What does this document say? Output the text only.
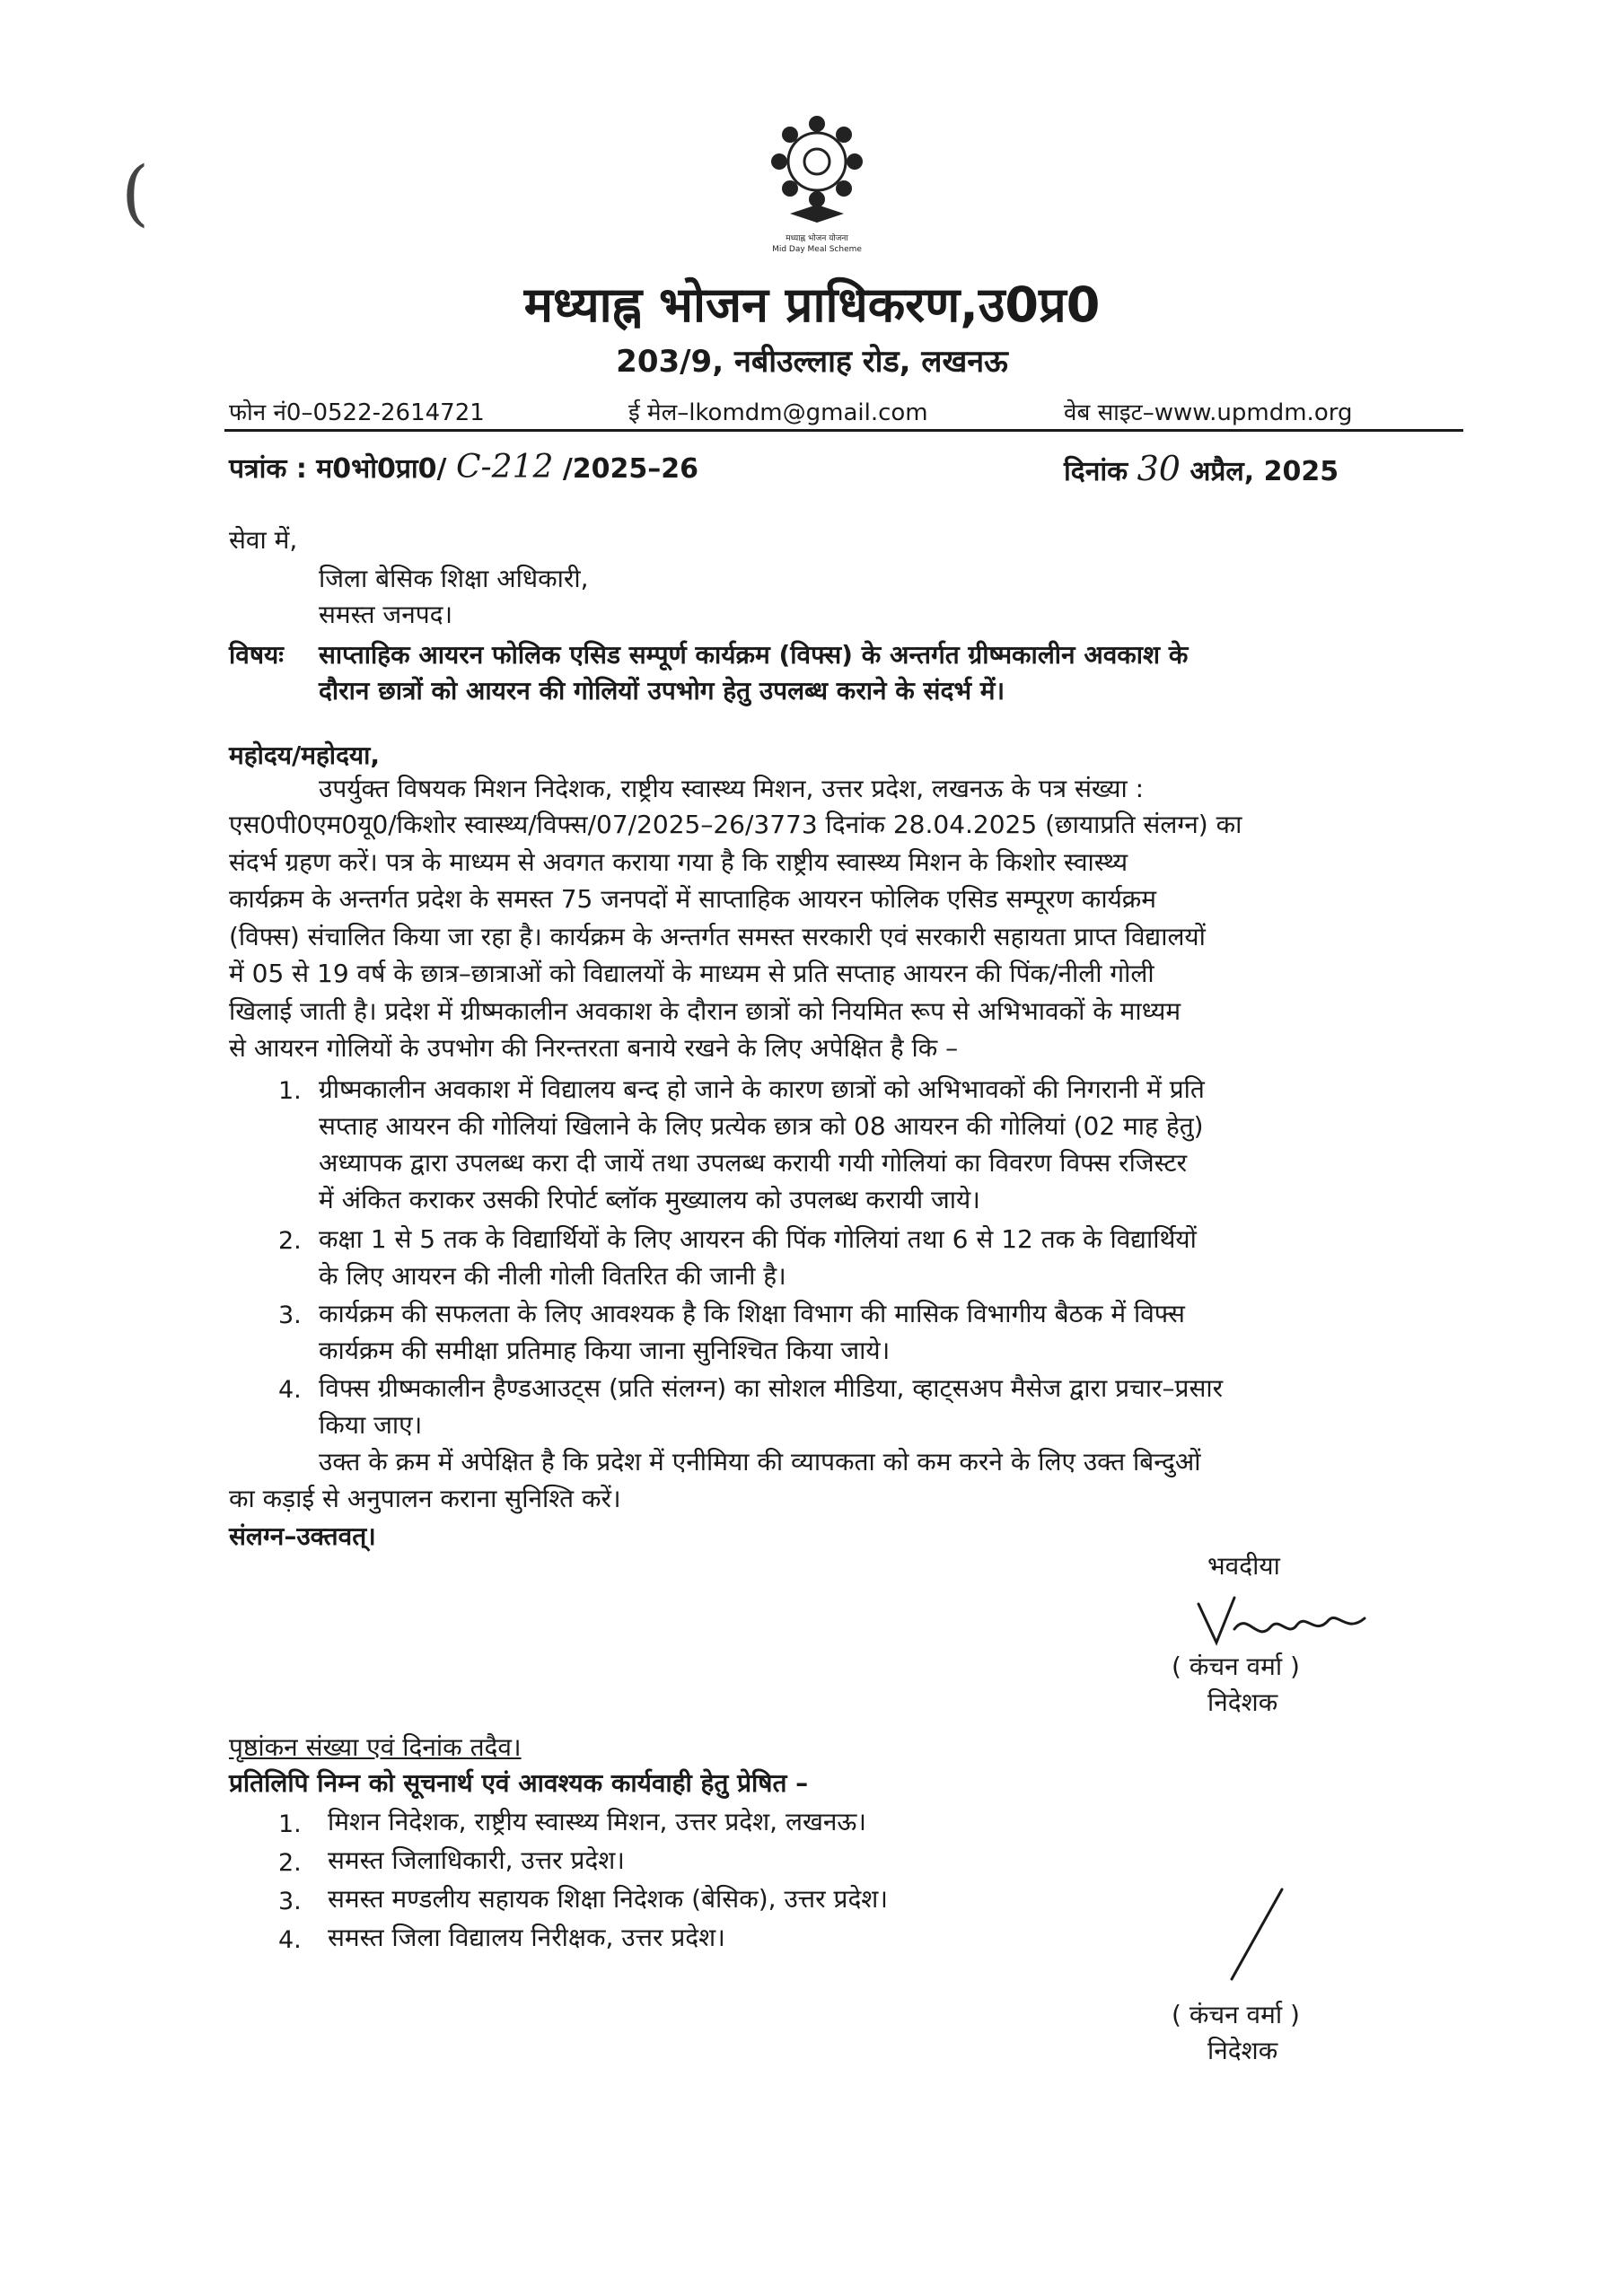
(
मध्याह्न भोजन योजना
Mid Day Meal Scheme
मध्याह्न भोजन प्राधिकरण,उ0प्र0
203/9, नबीउल्लाह रोड, लखनऊ
फोन नं0–0522-2614721	ई मेल–lkomdm@gmail.com	वेब साइट–www.upmdm.org
पत्रांक : म0भो0प्रा0/ C-212 /2025–26	दिनांक 30 अप्रैल, 2025
सेवा में,
जिला बेसिक शिक्षा अधिकारी,
समस्त जनपद।
विषयः साप्ताहिक आयरन फोलिक एसिड सम्पूर्ण कार्यक्रम (विफ्स) के अन्तर्गत ग्रीष्मकालीन अवकाश के
दौरान छात्रों को आयरन की गोलियों उपभोग हेतु उपलब्ध कराने के संदर्भ में।
महोदय/महोदया,
उपर्युक्त विषयक मिशन निदेशक, राष्ट्रीय स्वास्थ्य मिशन, उत्तर प्रदेश, लखनऊ के पत्र संख्या :
एस0पी0एम0यू0/किशोर स्वास्थ्य/विफ्स/07/2025–26/3773 दिनांक 28.04.2025 (छायाप्रति संलग्न) का
संदर्भ ग्रहण करें। पत्र के माध्यम से अवगत कराया गया है कि राष्ट्रीय स्वास्थ्य मिशन के किशोर स्वास्थ्य
कार्यक्रम के अन्तर्गत प्रदेश के समस्त 75 जनपदों में साप्ताहिक आयरन फोलिक एसिड सम्पूरण कार्यक्रम
(विफ्स) संचालित किया जा रहा है। कार्यक्रम के अन्तर्गत समस्त सरकारी एवं सरकारी सहायता प्राप्त विद्यालयों
में 05 से 19 वर्ष के छात्र–छात्राओं को विद्यालयों के माध्यम से प्रति सप्ताह आयरन की पिंक/नीली गोली
खिलाई जाती है। प्रदेश में ग्रीष्मकालीन अवकाश के दौरान छात्रों को नियमित रूप से अभिभावकों के माध्यम
से आयरन गोलियों के उपभोग की निरन्तरता बनाये रखने के लिए अपेक्षित है कि –
1. ग्रीष्मकालीन अवकाश में विद्यालय बन्द हो जाने के कारण छात्रों को अभिभावकों की निगरानी में प्रति
सप्ताह आयरन की गोलियां खिलाने के लिए प्रत्येक छात्र को 08 आयरन की गोलियां (02 माह हेतु)
अध्यापक द्वारा उपलब्ध करा दी जायें तथा उपलब्ध करायी गयी गोलियां का विवरण विफ्स रजिस्टर
में अंकित कराकर उसकी रिपोर्ट ब्लॉक मुख्यालय को उपलब्ध करायी जाये।
2. कक्षा 1 से 5 तक के विद्यार्थियों के लिए आयरन की पिंक गोलियां तथा 6 से 12 तक के विद्यार्थियों
के लिए आयरन की नीली गोली वितरित की जानी है।
3. कार्यक्रम की सफलता के लिए आवश्यक है कि शिक्षा विभाग की मासिक विभागीय बैठक में विफ्स
कार्यक्रम की समीक्षा प्रतिमाह किया जाना सुनिश्चित किया जाये।
4. विफ्स ग्रीष्मकालीन हैण्डआउट्स (प्रति संलग्न) का सोशल मीडिया, व्हाट्सअप मैसेज द्वारा प्रचार–प्रसार
किया जाए।
उक्त के क्रम में अपेक्षित है कि प्रदेश में एनीमिया की व्यापकता को कम करने के लिए उक्त बिन्दुओं
का कड़ाई से अनुपालन कराना सुनिश्ति करें।
संलग्न–उक्तवत्।
भवदीया
( कंचन वर्मा )
निदेशक
पृष्ठांकन संख्या एवं दिनांक तदैव।
प्रतिलिपि निम्न को सूचनार्थ एवं आवश्यक कार्यवाही हेतु प्रेषित –
1. मिशन निदेशक, राष्ट्रीय स्वास्थ्य मिशन, उत्तर प्रदेश, लखनऊ।
2. समस्त जिलाधिकारी, उत्तर प्रदेश।
3. समस्त मण्डलीय सहायक शिक्षा निदेशक (बेसिक), उत्तर प्रदेश।
4. समस्त जिला विद्यालय निरीक्षक, उत्तर प्रदेश।
( कंचन वर्मा )
निदेशक
